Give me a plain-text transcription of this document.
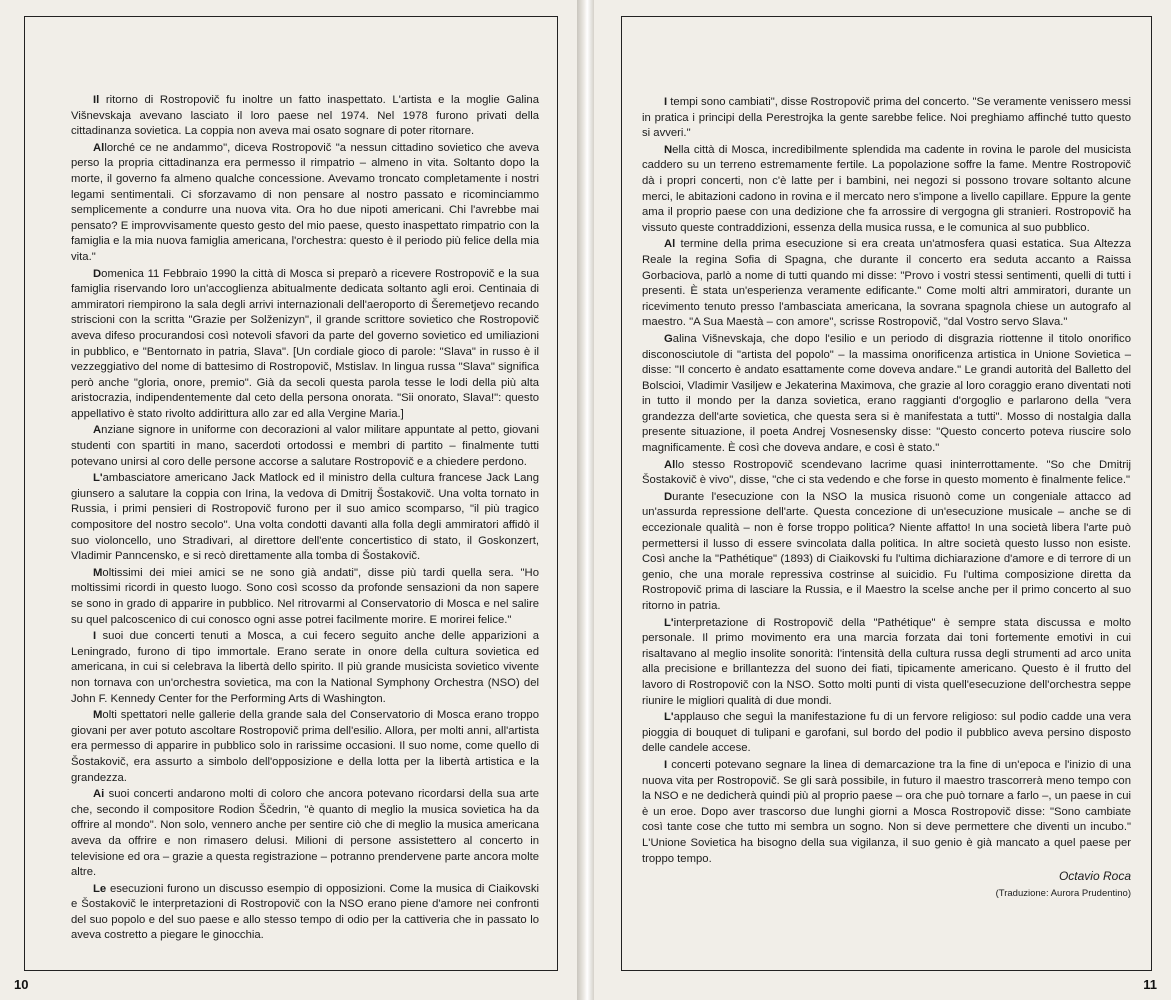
Il ritorno di Rostropovič fu inoltre un fatto inaspettato. L'artista e la moglie Galina Višnevskaja avevano lasciato il loro paese nel 1974. Nel 1978 furono privati della cittadinanza sovietica. La coppia non aveva mai osato sognare di poter ritornare.

Allorché ce ne andammo", diceva Rostropovič "a nessun cittadino sovietico che aveva perso la propria cittadinanza era permesso il rimpatrio – almeno in vita. Soltanto dopo la morte, il governo fa almeno qualche concessione. Avevamo troncato completamente i nostri legami sentimentali. Ci sforzavamo di non pensare al nostro passato e ricominciammo semplicemente a condurre una nuova vita. Ora ho due nipoti americani. Chi l'avrebbe mai pensato? E improvvisamente questo gesto del mio paese, questo inaspettato rimpatrio con la famiglia e la mia nuova famiglia americana, l'orchestra: questo è il periodo più felice della mia vita."

Domenica 11 Febbraio 1990 la città di Mosca si preparò a ricevere Rostropovič e la sua famiglia riservando loro un'accoglienza abitualmente dedicata soltanto agli eroi. Centinaia di ammiratori riempirono la sala degli arrivi internazionali dell'aeroporto di Šeremetjevo recando striscioni con la scritta "Grazie per Solženizyn", il grande scrittore sovietico che Rostropovič aveva difeso procurandosi così notevoli sfavori da parte del governo sovietico ed umiliazioni in pubblico, e "Bentornato in patria, Slava". [Un cordiale gioco di parole: "Slava" in russo è il vezzeggiativo del nome di battesimo di Rostropovič, Mstislav. In lingua russa "Slava" significa però anche "gloria, onore, premio". Già da secoli questa parola tesse le lodi della più alta aristocrazia, indipendentemente dal ceto della persona onorata. "Sii onorato, Slava!": questo appellativo è stato rivolto addirittura allo zar ed alla Vergine Maria.]

Anziane signore in uniforme con decorazioni al valor militare appuntate al petto, giovani studenti con spartiti in mano, sacerdoti ortodossi e membri di partito – finalmente tutti potevano unirsi al coro delle persone accorse a salutare Rostropovič e a chiedere perdono.

L'ambasciatore americano Jack Matlock ed il ministro della cultura francese Jack Lang giunsero a salutare la coppia con Irina, la vedova di Dmitrij Šostakovič. Una volta tornato in Russia, i primi pensieri di Rostropovič furono per il suo amico scomparso, "il più tragico compositore del nostro secolo". Una volta condotti davanti alla folla degli ammiratori affidò il suo violoncello, uno Stradivari, al direttore dell'ente concertistico di stato, il Goskonzert, Vladimir Panncensko, e si recò direttamente alla tomba di Šostakovič.

Moltissimi dei miei amici se ne sono già andati", disse più tardi quella sera. "Ho moltissimi ricordi in questo luogo. Sono così scosso da profonde sensazioni da non sapere se sono in grado di apparire in pubblico. Nel ritrovarmi al Conservatorio di Mosca e nel salire su quel palcoscenico di cui conosco ogni asse potrei facilmente morire. E morirei felice."

I suoi due concerti tenuti a Mosca, a cui fecero seguito anche delle apparizioni a Leningrado, furono di tipo immortale. Erano serate in onore della cultura sovietica ed americana, in cui si celebrava la libertà dello spirito. Il più grande musicista sovietico vivente non tornava con un'orchestra sovietica, ma con la National Symphony Orchestra (NSO) del John F. Kennedy Center for the Performing Arts di Washington.

Molti spettatori nelle gallerie della grande sala del Conservatorio di Mosca erano troppo giovani per aver potuto ascoltare Rostropovič prima dell'esilio. Allora, per molti anni, all'artista era permesso di apparire in pubblico solo in rarissime occasioni. Il suo nome, come quello di Šostakovič, era assurto a simbolo dell'opposizione e della lotta per la libertà artistica e la grandezza.

Ai suoi concerti andarono molti di coloro che ancora potevano ricordarsi della sua arte che, secondo il compositore Rodion Ščedrin, "è quanto di meglio la musica sovietica ha da offrire al mondo". Non solo, vennero anche per sentire ciò che di meglio la musica americana aveva da offrire e non rimasero delusi. Milioni di persone assistettero al concerto in televisione ed ora – grazie a questa registrazione – potranno prendervene parte ancora molte altre.

Le esecuzioni furono un discusso esempio di opposizioni. Come la musica di Ciaikovski e Šostakovič le interpretazioni di Rostropovič con la NSO erano piene d'amore nei confronti del suo popolo e del suo paese e allo stesso tempo di odio per la cattiveria che in passato lo aveva costretto a piegare le ginocchia.

10

I tempi sono cambiati", disse Rostropovič prima del concerto. "Se veramente venissero messi in pratica i principi della Perestrojka la gente sarebbe felice. Noi preghiamo affinché tutto questo si avveri."

Nella città di Mosca, incredibilmente splendida ma cadente in rovina le parole del musicista caddero su un terreno estremamente fertile. La popolazione soffre la fame. Mentre Rostropovič dà i propri concerti, non c'è latte per i bambini, nei negozi si possono trovare soltanto alcune merci, le abitazioni cadono in rovina e il mercato nero s'impone a livello capillare. Eppure la gente ama il proprio paese con una dedizione che fa arrossire di vergogna gli stranieri. Rostropovič ha vissuto queste contraddizioni, essenza della musica russa, e le comunica al suo pubblico.

Al termine della prima esecuzione si era creata un'atmosfera quasi estatica. Sua Altezza Reale la regina Sofia di Spagna, che durante il concerto era seduta accanto a Raissa Gorbaciova, parlò a nome di tutti quando mi disse: "Provo i vostri stessi sentimenti, quelli di tutti i presenti. È stata un'esperienza veramente edificante." Come molti altri ammiratori, durante un ricevimento tenuto presso l'ambasciata americana, la sovrana spagnola chiese un autografo al maestro. "A Sua Maestà – con amore", scrisse Rostropovič, "dal Vostro servo Slava."

Galina Višnevskaja, che dopo l'esilio e un periodo di disgrazia riottenne il titolo onorifico disconosciutole di "artista del popolo" – la massima onorificenza artistica in Unione Sovietica – disse: "Il concerto è andato esattamente come doveva andare." Le grandi autorità del Balletto del Bolscioi, Vladimir Vasiljew e Jekaterina Maximova, che grazie al loro coraggio erano diventati noti in tutto il mondo per la danza sovietica, erano raggianti d'orgoglio e parlarono della "vera grandezza dell'arte sovietica, che questa sera si è manifestata a tutti". Mosso di nostalgia dalla presente situazione, il poeta Andrej Vosnesensky disse: "Questo concerto poteva riuscire solo magnificamente. È così che doveva andare, e così è stato."

Allo stesso Rostropovič scendevano lacrime quasi ininterrottamente. "So che Dmitrij Šostakovič è vivo", disse, "che ci sta vedendo e che forse in questo momento è finalmente felice."

Durante l'esecuzione con la NSO la musica risuonò come un congeniale attacco ad un'assurda repressione dell'arte. Questa concezione di un'esecuzione musicale – anche se di eccezionale qualità – non è forse troppo politica? Niente affatto! In una società libera l'arte può permettersi il lusso di essere svincolata dalla politica. In altre società questo lusso non esiste. Così anche la "Pathétique" (1893) di Ciaikovski fu l'ultima dichiarazione d'amore e di terrore di un genio, che una morale repressiva costrinse al suicidio. Fu l'ultima composizione diretta da Rostropovič prima di lasciare la Russia, e il Maestro la scelse anche per il primo concerto al suo ritorno in patria.

L'interpretazione di Rostropovič della "Pathétique" è sempre stata discussa e molto personale. Il primo movimento era una marcia forzata dai toni fortemente emotivi in cui risaltavano al meglio insolite sonorità: l'intensità della cultura russa degli strumenti ad arco unita alla precisione e brillantezza del suono dei fiati, tipicamente americano. Questo è il frutto del lavoro di Rostropovič con la NSO. Sotto molti punti di vista quell'esecuzione dell'orchestra seppe riunire le migliori qualità di due mondi.

L'applauso che seguì la manifestazione fu di un fervore religioso: sul podio cadde una vera pioggia di bouquet di tulipani e garofani, sul bordo del podio il pubblico aveva persino disposto delle candele accese.

I concerti potevano segnare la linea di demarcazione tra la fine di un'epoca e l'inizio di una nuova vita per Rostropovič. Se gli sarà possibile, in futuro il maestro trascorrerà meno tempo con la NSO e ne dedicherà quindi più al proprio paese – ora che può tornare a farlo –, un paese in cui è un eroe. Dopo aver trascorso due lunghi giorni a Mosca Rostropovič disse: "Sono cambiate così tante cose che tutto mi sembra un sogno. Non si deve permettere che diventi un incubo." L'Unione Sovietica ha bisogno della sua vigilanza, il suo genio è già mancato a quel paese per troppo tempo.

Octavio Roca
(Traduzione: Aurora Prudentino)
11
